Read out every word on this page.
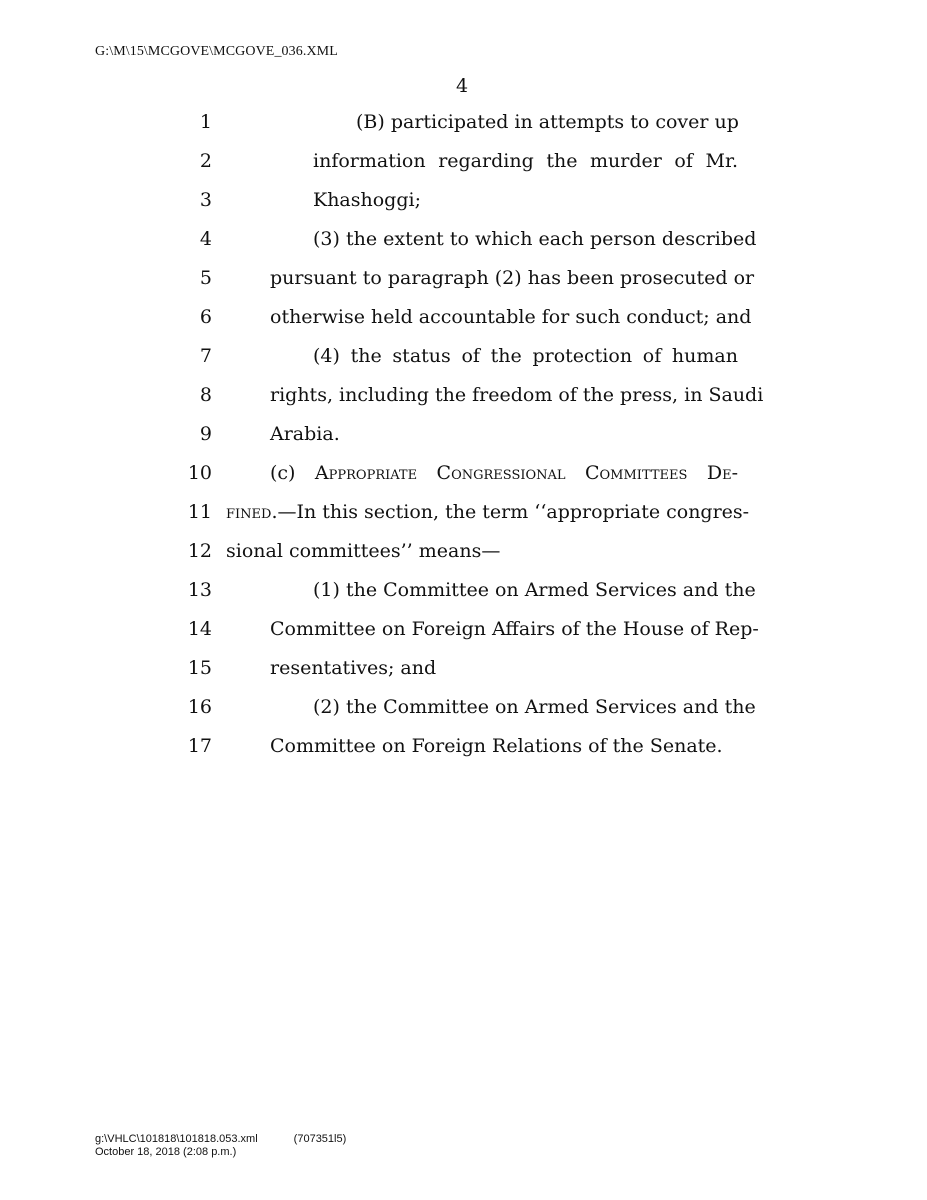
G:\M\15\MCGOVE\MCGOVE_036.XML
4
1	(B) participated in attempts to cover up
2	information regarding the murder of Mr.
3	Khashoggi;
4	(3) the extent to which each person described
5	pursuant to paragraph (2) has been prosecuted or
6	otherwise held accountable for such conduct; and
7	(4) the status of the protection of human
8	rights, including the freedom of the press, in Saudi
9	Arabia.
10	(c) Appropriate Congressional Committees De-
11 fined.—In this section, the term ‘‘appropriate congres-
12 sional committees’’ means—
13	(1) the Committee on Armed Services and the
14	Committee on Foreign Affairs of the House of Rep-
15	resentatives; and
16	(2) the Committee on Armed Services and the
17	Committee on Foreign Relations of the Senate.
g:\VHLC\101818\101818.053.xml	(707351l5)
October 18, 2018 (2:08 p.m.)
